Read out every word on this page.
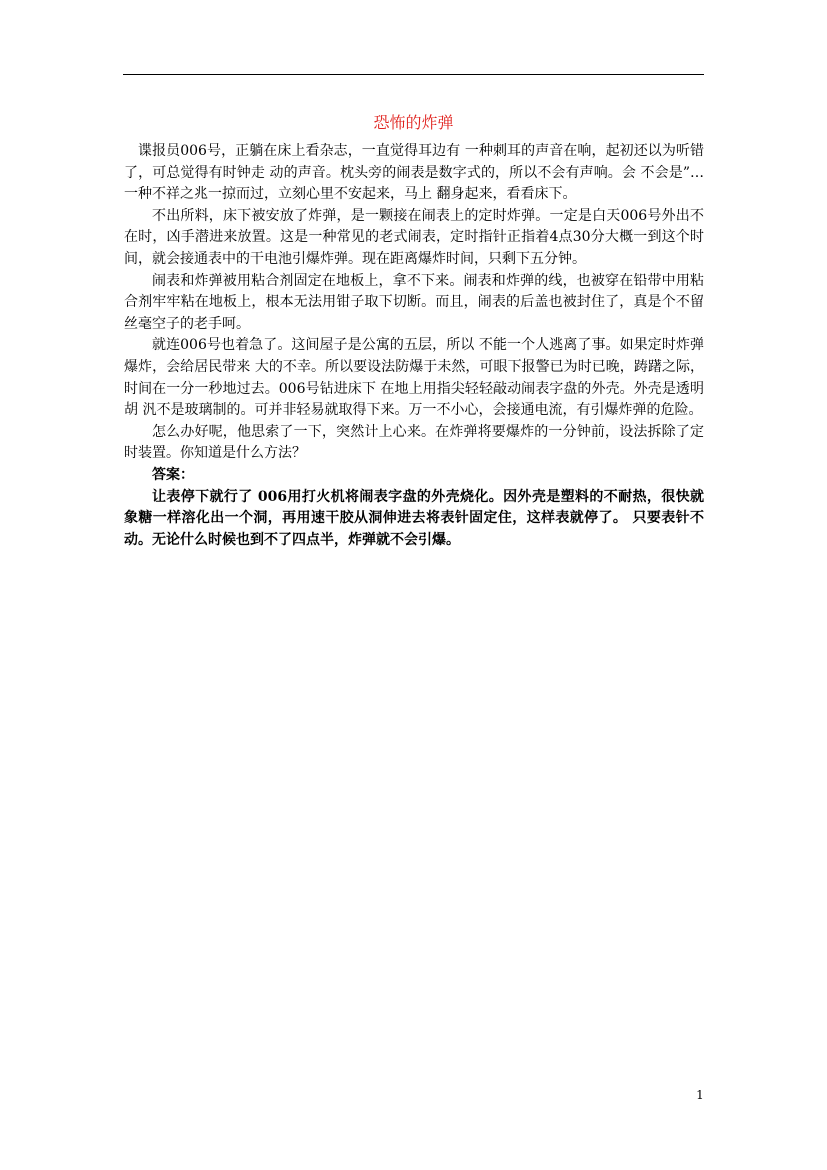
恐怖的炸弹

谍报员006号，正躺在床上看杂志，一直觉得耳边有 一种刺耳的声音在响，起初还以为听错了，可总觉得有时钟走 动的声音。枕头旁的闹表是数字式的，所以不会有声响。会 不会是”…一种不祥之兆一掠而过，立刻心里不安起来，马上 翻身起来，看看床下。

不出所料，床下被安放了炸弹，是一颗接在闹表上的定时炸弹。一定是白天006号外出不在时，凶手潜进来放置。这是一种常见的老式闹表，定时指针正指着4点30分大概一到这个时间，就会接通表中的干电池引爆炸弹。现在距离爆炸时间，只剩下五分钟。

闹表和炸弹被用粘合剂固定在地板上，拿不下来。闹表和炸弹的线，也被穿在铅带中用粘合剂牢牢粘在地板上，根本无法用钳子取下切断。而且，闹表的后盖也被封住了，真是个不留丝毫空子的老手呵。

就连006号也着急了。这间屋子是公寓的五层，所以 不能一个人逃离了事。如果定时炸弹爆炸，会给居民带来 大的不幸。所以要设法防爆于未然，可眼下报警已为时已晚，踌躇之际，时间在一分一秒地过去。006号钻进床下 在地上用指尖轻轻敲动闹表字盘的外壳。外壳是透明胡 汎不是玻璃制的。可并非轻易就取得下来。万一不小心，会接通电流，有引爆炸弹的危险。

怎么办好呢，他思索了一下，突然计上心来。在炸弹将要爆炸的一分钟前，设法拆除了定时装置。你知道是什么方法？

答案：

让表停下就行了 006用打火机将闹表字盘的外壳烧化。因外壳是塑料的不耐热，很快就象糖一样溶化出一个洞，再用速干胶从洞伸进去将表针固定住，这样表就停了。 只要表针不动。无论什么时候也到不了四点半，炸弹就不会引爆。

1
